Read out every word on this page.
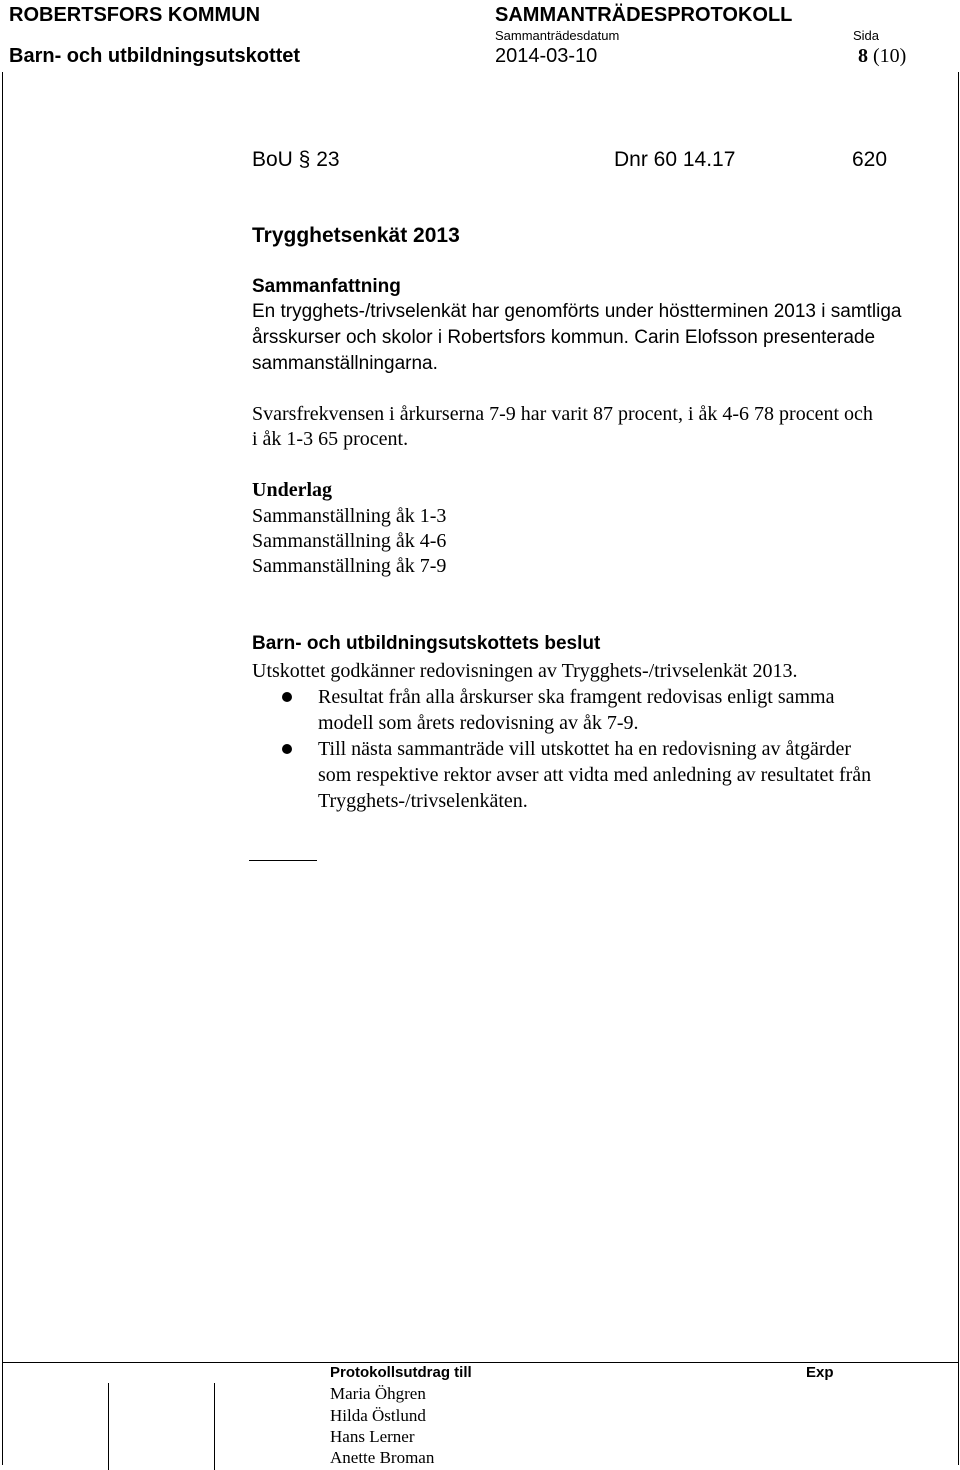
ROBERTSFORS KOMMUN	SAMMANTRÄDESPROTOKOLL
Sammanträdesdatum	Sida
Barn- och utbildningsutskottet	2014-03-10	8 (10)
BoU § 23	Dnr 60 14.17	620
Trygghetsenkät 2013
Sammanfattning
En trygghets-/trivselenkät har genomförts under höstterminen 2013 i samtliga
årsskurser och skolor i Robertsfors kommun. Carin Elofsson presenterade
sammanställningarna.
Svarsfrekvensen i årkurserna 7-9 har varit 87 procent, i åk 4-6 78 procent och
i åk 1-3 65 procent.
Underlag
Sammanställning åk 1-3
Sammanställning åk 4-6
Sammanställning åk 7-9
Barn- och utbildningsutskottets beslut
Utskottet godkänner redovisningen av Trygghets-/trivselenkät 2013.
Resultat från alla årskurser ska framgent redovisas enligt samma
modell som årets redovisning av åk 7-9.
Till nästa sammanträde vill utskottet ha en redovisning av åtgärder
som respektive rektor avser att vidta med anledning av resultatet från
Trygghets-/trivselenkäten.
Protokollsutdrag till	Exp
Maria Öhgren
Hilda Östlund
Hans Lerner
Anette Broman
